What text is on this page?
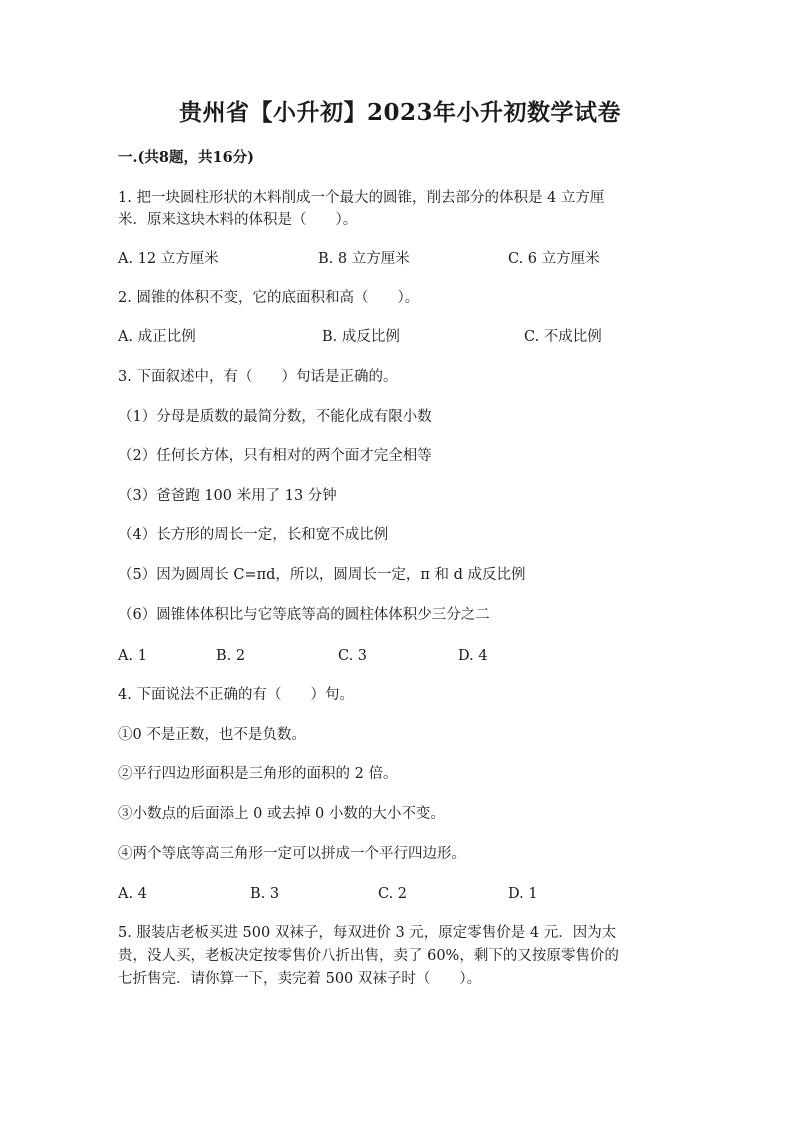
贵州省【小升初】2023年小升初数学试卷
一.(共8题，共16分)
1. 把一块圆柱形状的木料削成一个最大的圆锥，削去部分的体积是 4 立方厘
米．原来这块木料的体积是（　　）。
A. 12 立方厘米	B. 8 立方厘米	C. 6 立方厘米
2. 圆锥的体积不变，它的底面积和高（　　）。
A. 成正比例	B. 成反比例	C. 不成比例
3. 下面叙述中，有（　　）句话是正确的。
（1）分母是质数的最简分数，不能化成有限小数
（2）任何长方体，只有相对的两个面才完全相等
（3）爸爸跑 100 米用了 13 分钟
（4）长方形的周长一定，长和宽不成比例
（5）因为圆周长 C=πd，所以，圆周长一定，π 和 d 成反比例
（6）圆锥体体积比与它等底等高的圆柱体体积少三分之二
A. 1	B. 2	C. 3	D. 4
4. 下面说法不正确的有（　　）句。
①0 不是正数，也不是负数。
②平行四边形面积是三角形的面积的 2 倍。
③小数点的后面添上 0 或去掉 0 小数的大小不变。
④两个等底等高三角形一定可以拼成一个平行四边形。
A. 4	B. 3	C. 2	D. 1
5. 服装店老板买进 500 双袜子，每双进价 3 元，原定零售价是 4 元．因为太
贵，没人买，老板决定按零售价八折出售，卖了 60%，剩下的又按原零售价的
七折售完．请你算一下，卖完着 500 双袜子时（　　）。
